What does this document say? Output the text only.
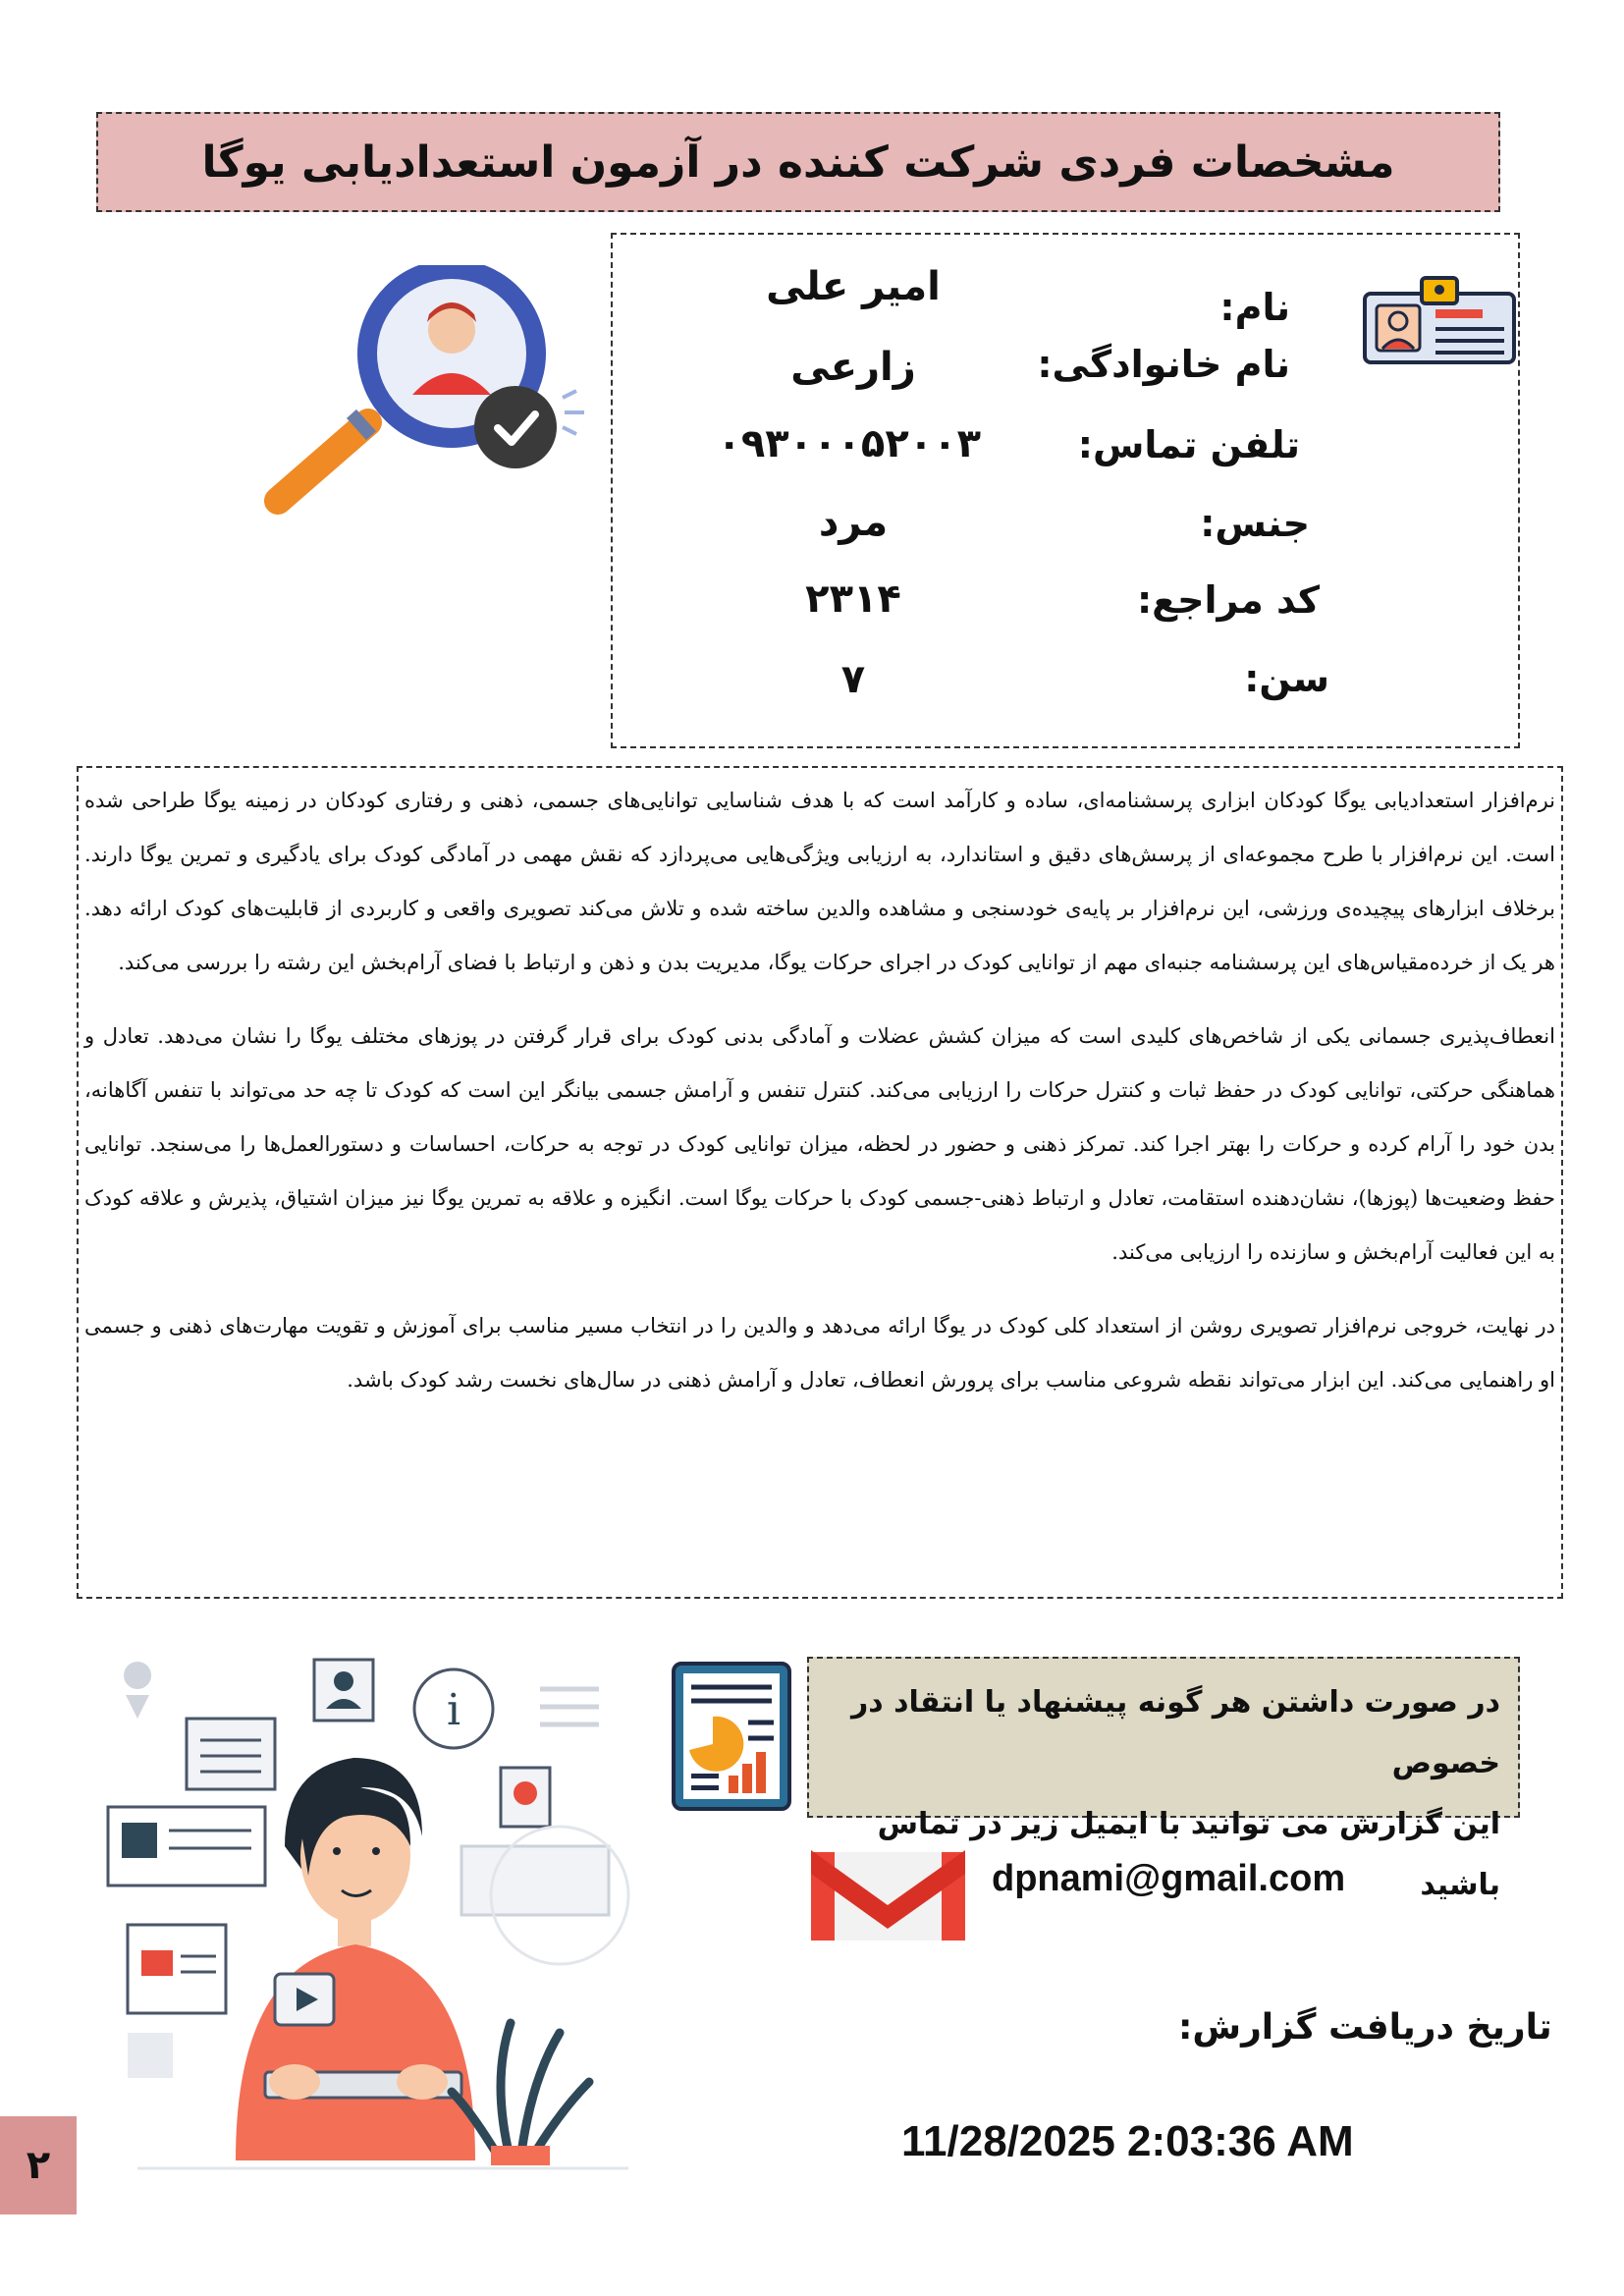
مشخصات فردی شرکت کننده در آزمون استعدادیابی یوگا
نام:
نام خانوادگی:
تلفن تماس:
جنس:
کد مراجع:
سن:
امیر علی
زارعی
۰۹۳۰۰۰۵۲۰۰۳
مرد
۲۳۱۴
۷

نرم‌افزار استعدادیابی یوگا کودکان ابزاری پرسشنامه‌ای، ساده و کارآمد است که با هدف شناسایی توانایی‌های جسمی، ذهنی و رفتاری کودکان در زمینه یوگا طراحی شده است. این نرم‌افزار با طرح مجموعه‌ای از پرسش‌های دقیق و استاندارد، به ارزیابی ویژگی‌هایی می‌پردازد که نقش مهمی در آمادگی کودک برای یادگیری و تمرین یوگا دارند. برخلاف ابزارهای پیچیده‌ی ورزشی، این نرم‌افزار بر پایه‌ی خودسنجی و مشاهده والدین ساخته شده و تلاش می‌کند تصویری واقعی و کاربردی از قابلیت‌های کودک ارائه دهد. هر یک از خرده‌مقیاس‌های این پرسشنامه جنبه‌ای مهم از توانایی کودک در اجرای حرکات یوگا، مدیریت بدن و ذهن و ارتباط با فضای آرام‌بخش این رشته را بررسی می‌کند.

انعطاف‌پذیری جسمانی یکی از شاخص‌های کلیدی است که میزان کشش عضلات و آمادگی بدنی کودک برای قرار گرفتن در پوزهای مختلف یوگا را نشان می‌دهد. تعادل و هماهنگی حرکتی، توانایی کودک در حفظ ثبات و کنترل حرکات را ارزیابی می‌کند. کنترل تنفس و آرامش جسمی بیانگر این است که کودک تا چه حد می‌تواند با تنفس آگاهانه، بدن خود را آرام کرده و حرکات را بهتر اجرا کند. تمرکز ذهنی و حضور در لحظه، میزان توانایی کودک در توجه به حرکات، احساسات و دستورالعمل‌ها را می‌سنجد. توانایی حفظ وضعیت‌ها (پوزها)، نشان‌دهنده استقامت، تعادل و ارتباط ذهنی-جسمی کودک با حرکات یوگا است. انگیزه و علاقه به تمرین یوگا نیز میزان اشتیاق، پذیرش و علاقه کودک به این فعالیت آرام‌بخش و سازنده را ارزیابی می‌کند.

در نهایت، خروجی نرم‌افزار تصویری روشن از استعداد کلی کودک در یوگا ارائه می‌دهد و والدین را در انتخاب مسیر مناسب برای آموزش و تقویت مهارت‌های ذهنی و جسمی او راهنمایی می‌کند. این ابزار می‌تواند نقطه شروعی مناسب برای پرورش انعطاف، تعادل و آرامش ذهنی در سال‌های نخست رشد کودک باشد.

i	در صورت داشتن هر گونه پیشنهاد یا انتقاد در خصوص
این گزارش می توانید با ایمیل زیر در تماس باشید
dpnami@gmail.com
تاریخ دریافت گزارش:
11/28/2025 2:03:36 AM
۲
